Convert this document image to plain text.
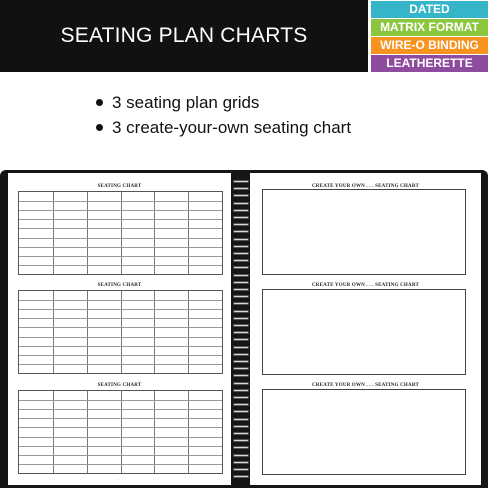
SEATING PLAN CHARTS
DATED
MATRIX FORMAT
WIRE-O BINDING
LEATHERETTE COVER
3 seating plan grids
3 create-your-own seating chart
SEATING CHART
SEATING CHART
SEATING CHART
·
CREATE YOUR OWN . . . SEATING CHART
CREATE YOUR OWN . . . SEATING CHART
CREATE YOUR OWN . . . SEATING CHART
·
